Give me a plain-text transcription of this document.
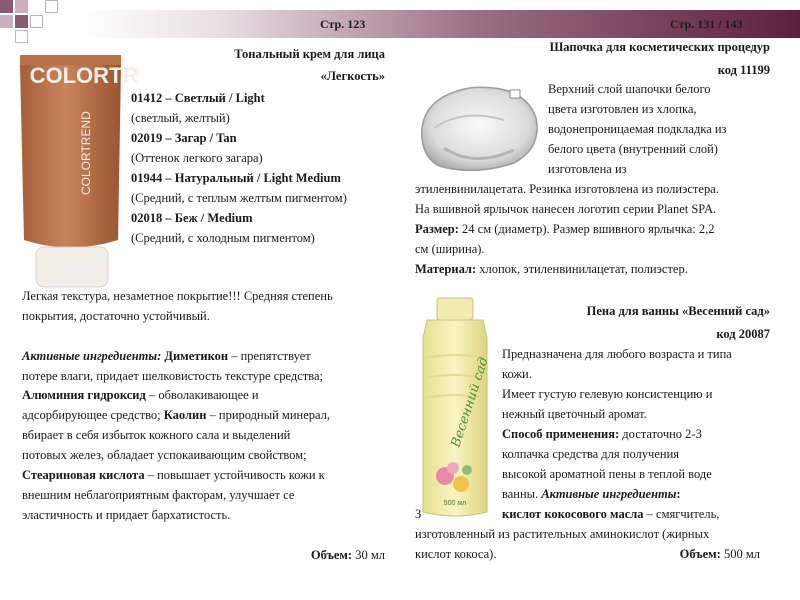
Стр. 123	Стр. 131 / 143
COLORTR
COLORTREND
Тональный крем для лица
«Легкость»
01412 – Светлый / Light
(светлый, желтый)
02019 – Загар / Tan
(Оттенок легкого загара)
01944 – Натуральный / Light Medium
(Средний, с теплым желтым пигментом)
02018 – Беж / Medium
(Средний, с холодным пигментом)
Легкая текстура, незаметное покрытие!!! Средняя степень
покрытия, достаточно устойчивый.
Активные ингредиенты: Диметикон – препятствует
потере влаги, придает шелковистость текстуре средства;
Алюминия гидроксид – обволакивающее и
адсорбирующее средство; Каолин – природный минерал,
вбирает в себя избыток кожного сала и выделений
потовых желез, обладает успокаивающим свойством;
Стеариновая кислота – повышает устойчивость кожи к
внешним неблагоприятным факторам, улучшает се
эластичность и придает бархатистость.
Объем: 30 мл
Шапочка для косметических процедур
код 11199
Верхний слой шапочки белого
цвета изготовлен из хлопка,
водонепроницаемая подкладка из
белого цвета (внутренний слой)
изготовлена из
этиленвинилацетата. Резинка изготовлена из полиэстера.
На вшивной ярлычок нанесен логотип серии Planet SPA.
Размер: 24 см (диаметр). Размер вшивного ярлычка: 2,2
см (ширина).
Материал: хлопок, этиленвинилацетат, полиэстер.
Пена для ванны «Весенний сад»
код 20087
Весенний сад
500 мл
Предназначена для любого возраста и типа
кожи.
Имеет густую гелевую консистенцию и
нежный цветочный аромат.
Способ применения: достаточно 2-3
колпачка средства для получения
высокой ароматной пены в теплой воде
ванны. Активные ингредиенты:
З	кислот кокосового масла – смягчитель,
изготовленный из растительных аминокислот (жирных
кислот кокоса).	Объем: 500 мл
